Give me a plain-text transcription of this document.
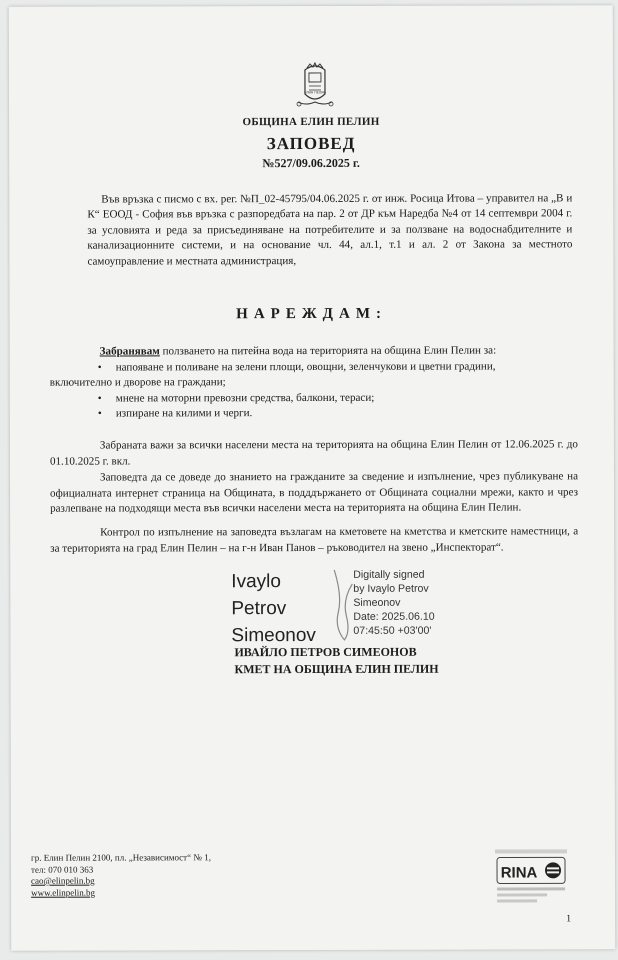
ЕЛИН ПЕЛИН
ОБЩИНА ЕЛИН ПЕЛИН
ЗАПОВЕД
№527/09.06.2025 г.
Във връзка с писмо с вх. рег. №П_02-45795/04.06.2025 г. от инж. Росица Итова – управител на „В и К“ ЕООД - София във връзка с разпоредбата на пар. 2 от ДР към Наредба №4 от 14 септември 2004 г. за условията и реда за присъединяване на потребителите и за ползване на водоснабдителните и канализационните системи, и на основание чл. 44, ал.1, т.1 и ал. 2 от Закона за местното самоуправление и местната администрация,
НАРЕЖДАМ:
Забранявам ползването на питейна вода на територията на община Елин Пелин за:
• напояване и поливане на зелени площи, овощни, зеленчукови и цветни градини,
включително и дворове на граждани;
• мнене на моторни превозни средства, балкони, тераси;
• изпиране на килими и черги.
Забраната важи за всички населени места на територията на община Елин Пелин от 12.06.2025 г. до 01.10.2025 г. вкл.
Заповедта да се доведе до знанието на гражданите за сведение и изпълнение, чрез публикуване на официалната интернет страница на Общината, в подддържането от Общината социални мрежи, както и чрез разлепване на подходящи места във всички населени места на територията на община Елин Пелин.
Контрол по изпълнение на заповедта възлагам на кметовете на кметства и кметските наместници, а за територията на град Елин Пелин – на г-н Иван Панов – ръководител на звено „Инспекторат“.
Ivaylo
Petrov
Simeonov
Digitally signed
by Ivaylo Petrov
Simeonov
Date: 2025.06.10
07:45:50 +03'00'
ИВАЙЛО ПЕТРОВ СИМЕОНОВ
КМЕТ НА ОБЩИНА ЕЛИН ПЕЛИН
гр. Елин Пелин 2100, пл. „Независимост“ № 1,
тел: 070 010 363
cao@elinpelin.bg
www.elinpelin.bg
RINA
1
